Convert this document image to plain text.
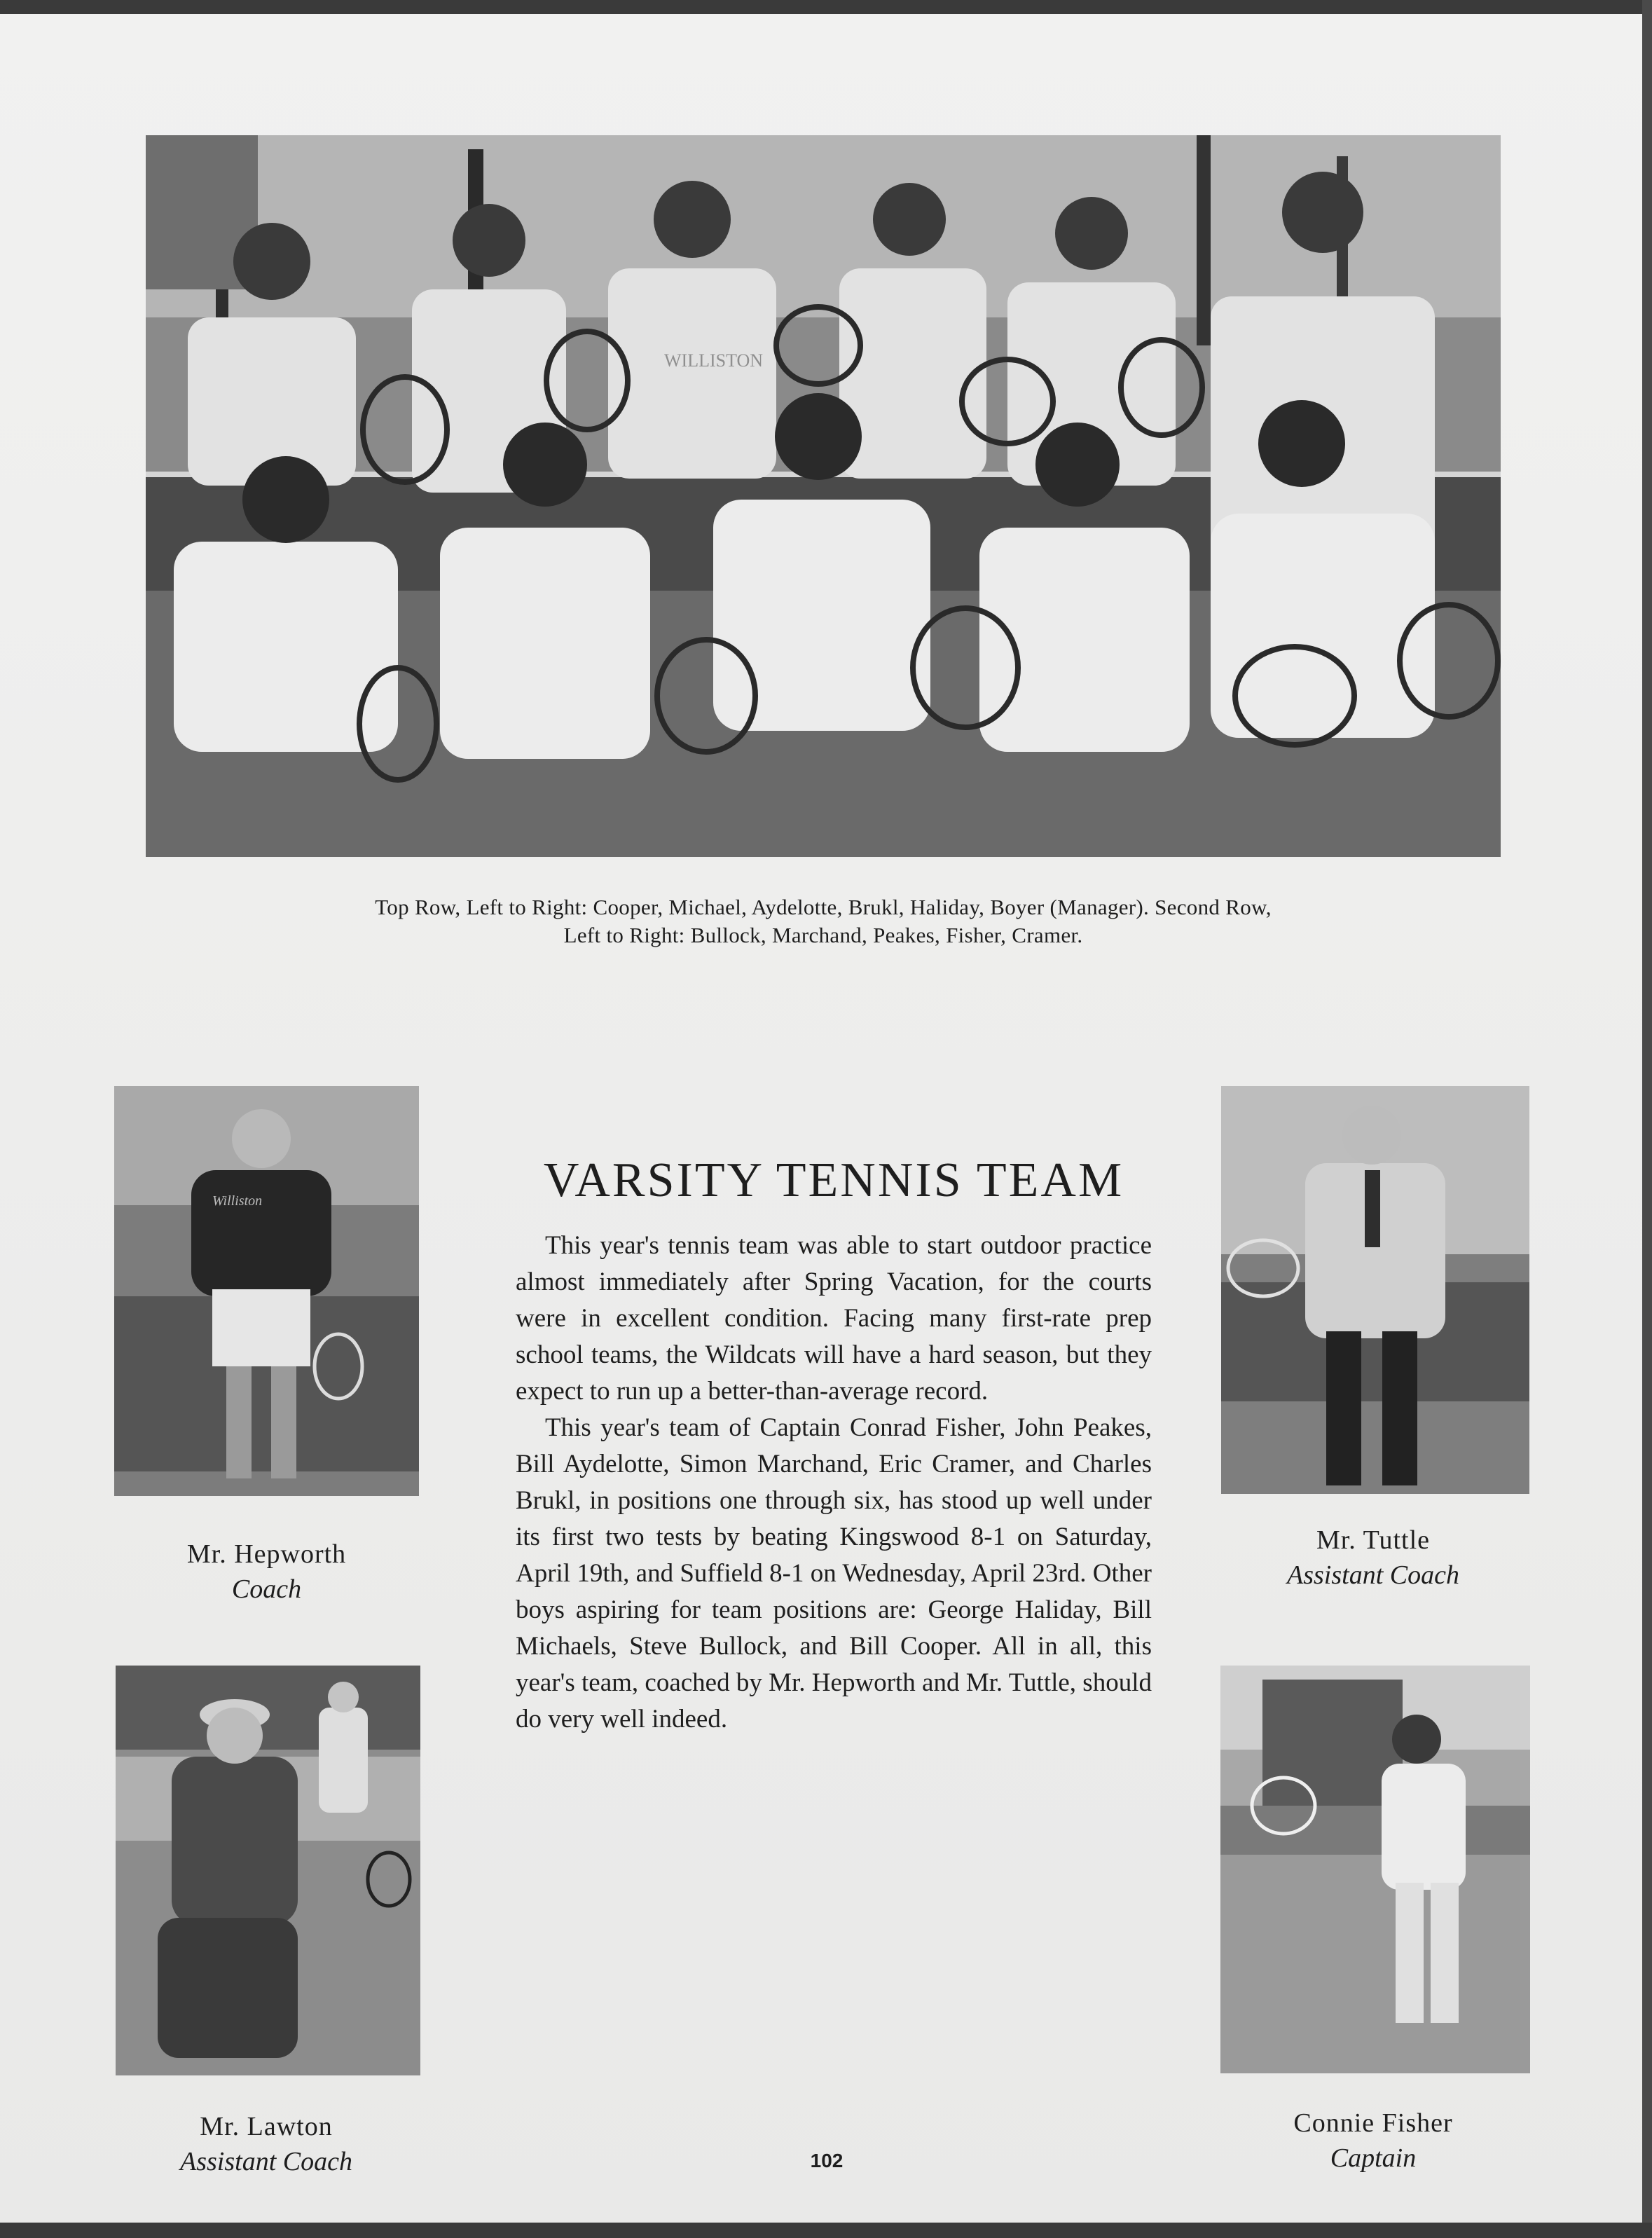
WILLISTON
Top Row, Left to Right: Cooper, Michael, Aydelotte, Brukl, Haliday, Boyer (Manager). Second Row,
Left to Right: Bullock, Marchand, Peakes, Fisher, Cramer.
Williston
Mr. Hepworth
Coach
Mr. Lawton
Assistant Coach
Mr. Tuttle
Assistant Coach
Connie Fisher
Captain
VARSITY TENNIS TEAM

This year's tennis team was able to start outdoor practice almost immediately after Spring Vacation, for the courts were in excellent condition. Facing many first-rate prep school teams, the Wildcats will have a hard season, but they expect to run up a better-than-average record.

This year's team of Captain Conrad Fisher, John Peakes, Bill Aydelotte, Simon Marchand, Eric Cramer, and Charles Brukl, in positions one through six, has stood up well under its first two tests by beating Kingswood 8-1 on Saturday, April 19th, and Suffield 8-1 on Wednesday, April 23rd. Other boys aspiring for team positions are: George Haliday, Bill Michaels, Steve Bullock, and Bill Cooper. All in all, this year's team, coached by Mr. Hepworth and Mr. Tuttle, should do very well indeed.

102
